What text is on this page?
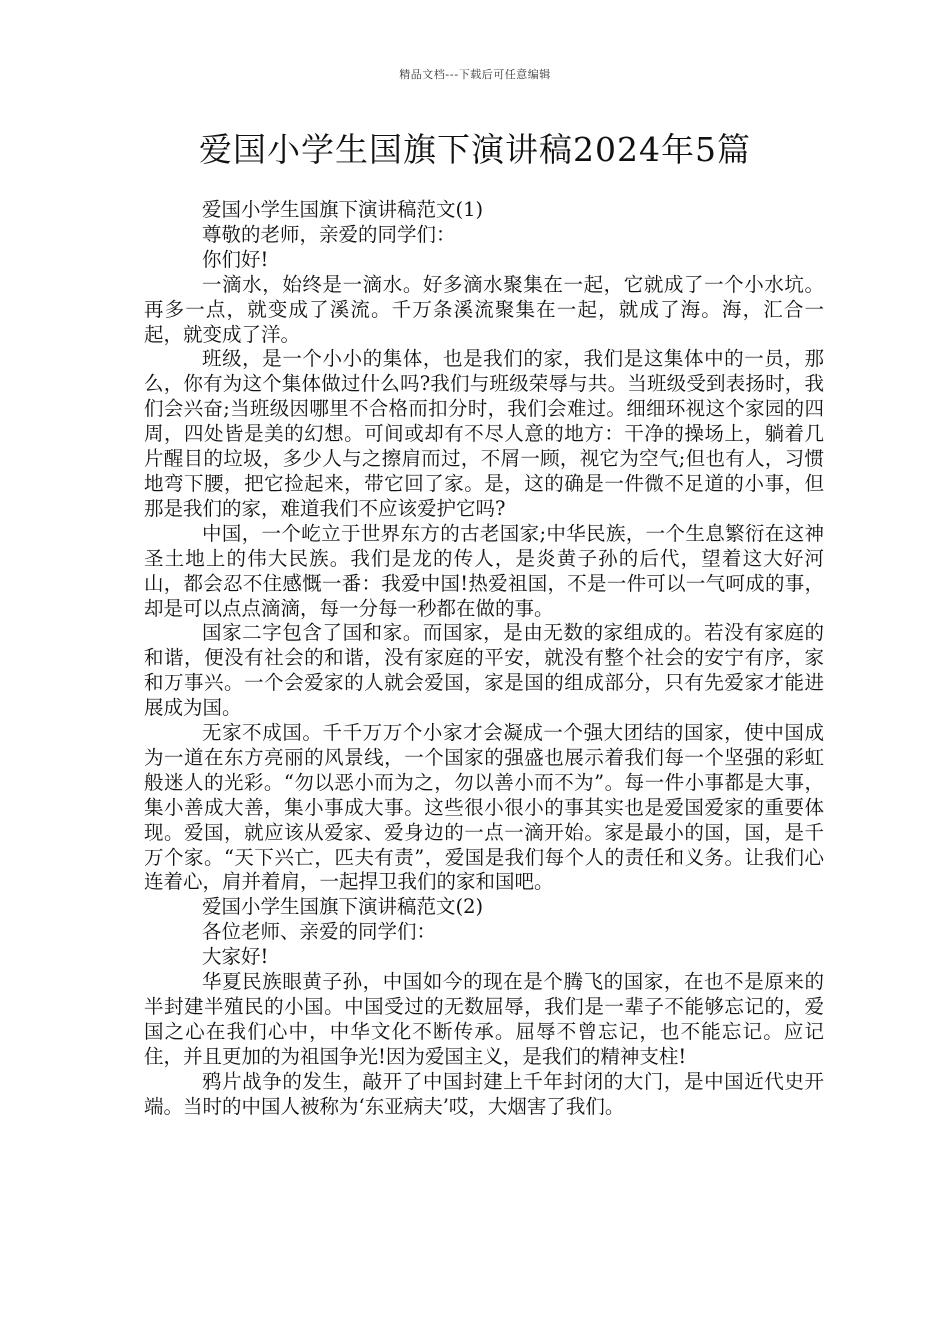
精品文档---下载后可任意编辑
爱国小学生国旗下演讲稿2024年5篇

爱国小学生国旗下演讲稿范文(1)

尊敬的老师，亲爱的同学们：

你们好!

一滴水，始终是一滴水。好多滴水聚集在一起，它就成了一个小水坑。再多一点，就变成了溪流。千万条溪流聚集在一起，就成了海。海，汇合一起，就变成了洋。

班级，是一个小小的集体，也是我们的家，我们是这集体中的一员，那么，你有为这个集体做过什么吗?我们与班级荣辱与共。当班级受到表扬时，我们会兴奋;当班级因哪里不合格而扣分时，我们会难过。细细环视这个家园的四周，四处皆是美的幻想。可间或却有不尽人意的地方：干净的操场上，躺着几片醒目的垃圾，多少人与之擦肩而过，不屑一顾，视它为空气;但也有人，习惯地弯下腰，把它捡起来，带它回了家。是，这的确是一件微不足道的小事，但那是我们的家，难道我们不应该爱护它吗?

中国，一个屹立于世界东方的古老国家;中华民族，一个生息繁衍在这神圣土地上的伟大民族。我们是龙的传人，是炎黄子孙的后代，望着这大好河山，都会忍不住感慨一番：我爱中国!热爱祖国，不是一件可以一气呵成的事，却是可以点点滴滴，每一分每一秒都在做的事。

国家二字包含了国和家。而国家，是由无数的家组成的。若没有家庭的和谐，便没有社会的和谐，没有家庭的平安，就没有整个社会的安宁有序，家和万事兴。一个会爱家的人就会爱国，家是国的组成部分，只有先爱家才能进展成为国。

无家不成国。千千万万个小家才会凝成一个强大团结的国家，使中国成为一道在东方亮丽的风景线，一个国家的强盛也展示着我们每一个坚强的彩虹般迷人的光彩。“勿以恶小而为之，勿以善小而不为”。每一件小事都是大事，集小善成大善，集小事成大事。这些很小很小的事其实也是爱国爱家的重要体现。爱国，就应该从爱家、爱身边的一点一滴开始。家是最小的国，国，是千万个家。“天下兴亡，匹夫有责”，爱国是我们每个人的责任和义务。让我们心连着心，肩并着肩，一起捍卫我们的家和国吧。

爱国小学生国旗下演讲稿范文(2)

各位老师、亲爱的同学们：

大家好!

华夏民族眼黄子孙，中国如今的现在是个腾飞的国家，在也不是原来的半封建半殖民的小国。中国受过的无数屈辱，我们是一辈子不能够忘记的，爱国之心在我们心中，中华文化不断传承。屈辱不曾忘记，也不能忘记。应记住，并且更加的为祖国争光!因为爱国主义，是我们的精神支柱!

鸦片战争的发生，敲开了中国封建上千年封闭的大门，是中国近代史开端。当时的中国人被称为‘东亚病夫’哎，大烟害了我们。
